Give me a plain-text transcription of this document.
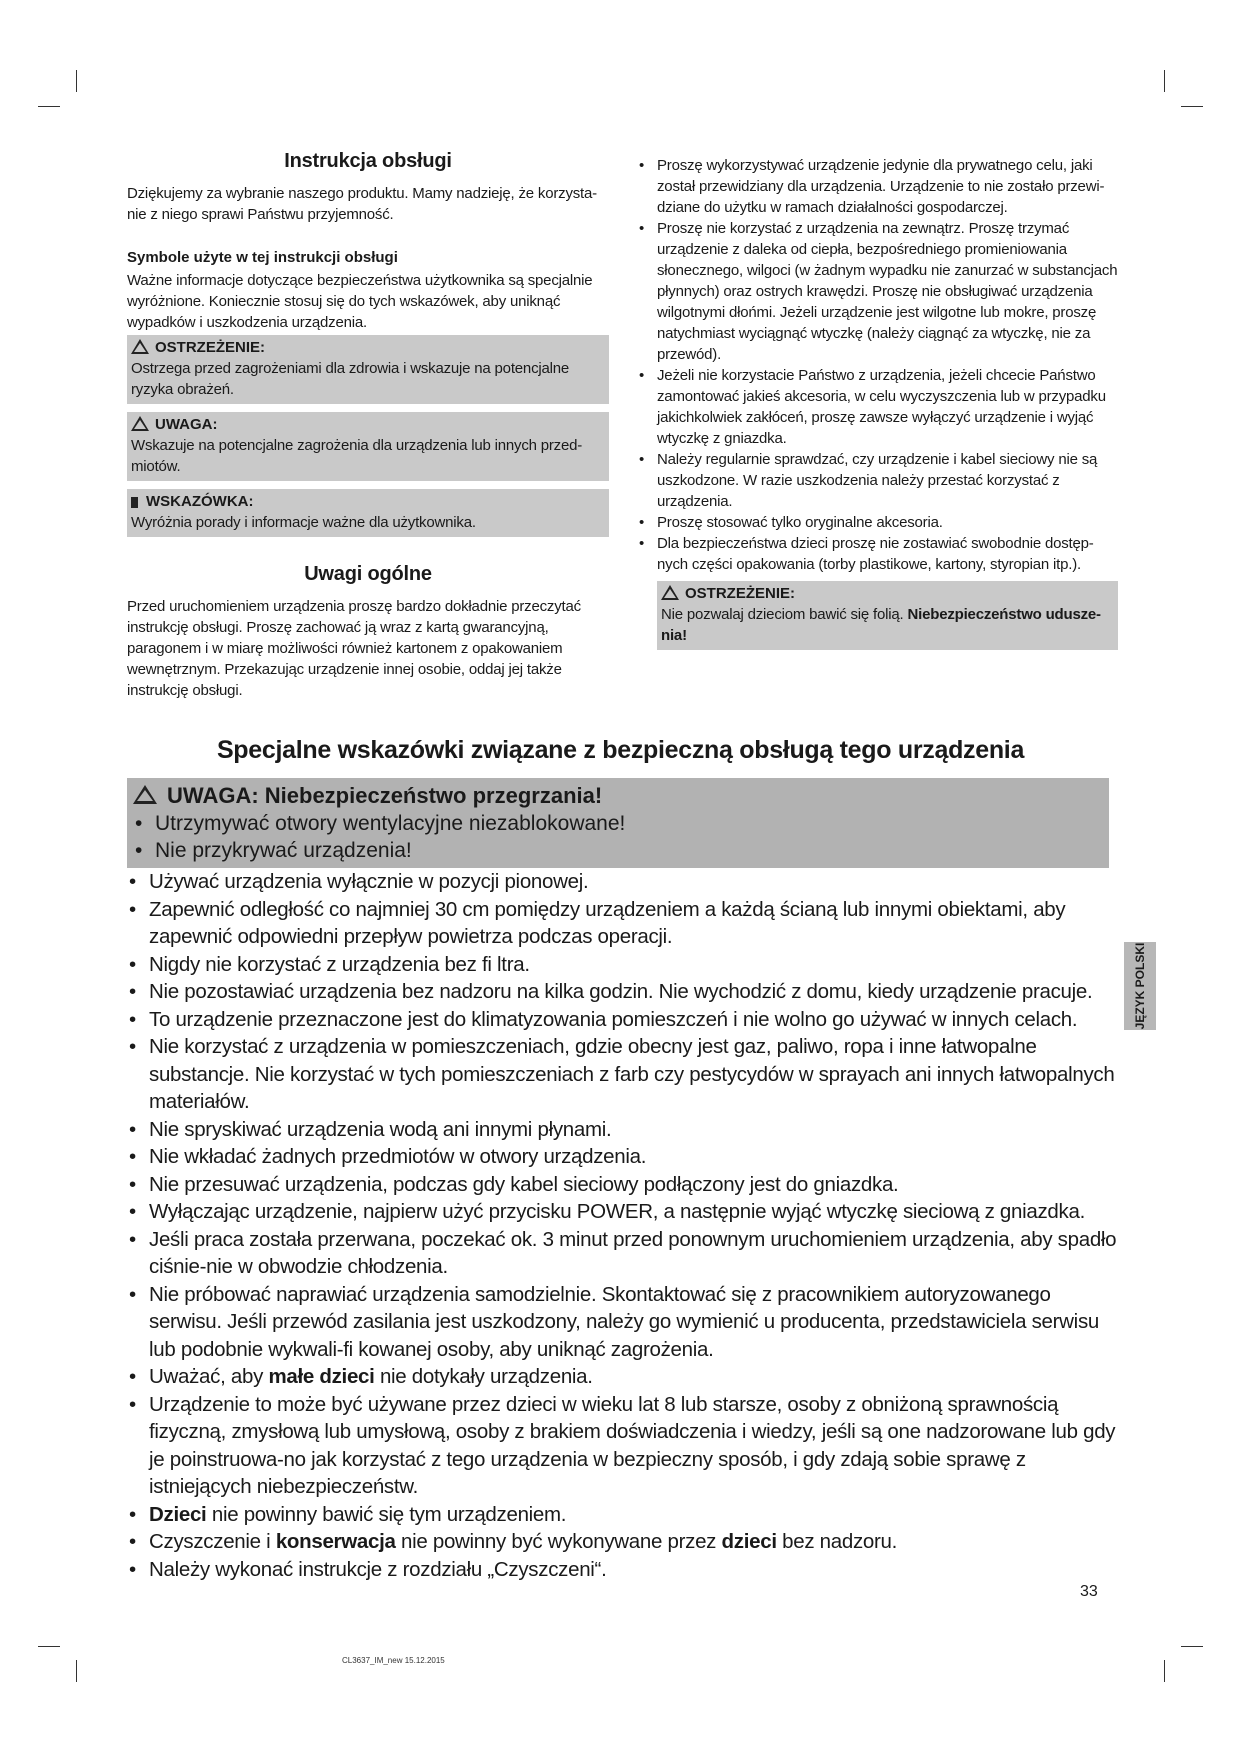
Instrukcja obsługi

Dziękujemy za wybranie naszego produktu. Mamy nadzieję, że korzysta-nie z niego sprawi Państwu przyjemność.

Symbole użyte w tej instrukcji obsługi

Ważne informacje dotyczące bezpieczeństwa użytkownika są specjalnie wyróżnione. Koniecznie stosuj się do tych wskazówek, aby uniknąć wypadków i uszkodzenia urządzenia.

OSTRZEŻENIE:
Ostrzega przed zagrożeniami dla zdrowia i wskazuje na potencjalne ryzyka obrażeń.
UWAGA:
Wskazuje na potencjalne zagrożenia dla urządzenia lub innych przed-miotów.
WSKAZÓWKA:
Wyróżnia porady i informacje ważne dla użytkownika.
Uwagi ogólne

Przed uruchomieniem urządzenia proszę bardzo dokładnie przeczytać instrukcję obsługi. Proszę zachować ją wraz z kartą gwarancyjną, paragonem i w miarę możliwości również kartonem z opakowaniem wewnętrznym. Przekazując urządzenie innej osobie, oddaj jej także instrukcję obsługi.

• Proszę wykorzystywać urządzenie jedynie dla prywatnego celu, jaki został przewidziany dla urządzenia. Urządzenie to nie zostało przewi-dziane do użytku w ramach działalności gospodarczej.
• Proszę nie korzystać z urządzenia na zewnątrz. Proszę trzymać urządzenie z daleka od ciepła, bezpośredniego promieniowania słonecznego, wilgoci (w żadnym wypadku nie zanurzać w substancjach płynnych) oraz ostrych krawędzi. Proszę nie obsługiwać urządzenia wilgotnymi dłońmi. Jeżeli urządzenie jest wilgotne lub mokre, proszę natychmiast wyciągnąć wtyczkę (należy ciągnąć za wtyczkę, nie za przewód).
• Jeżeli nie korzystacie Państwo z urządzenia, jeżeli chcecie Państwo zamontować jakieś akcesoria, w celu wyczyszczenia lub w przypadku jakichkolwiek zakłóceń, proszę zawsze wyłączyć urządzenie i wyjąć wtyczkę z gniazdka.
• Należy regularnie sprawdzać, czy urządzenie i kabel sieciowy nie są uszkodzone. W razie uszkodzenia należy przestać korzystać z urządzenia.
• Proszę stosować tylko oryginalne akcesoria.
• Dla bezpieczeństwa dzieci proszę nie zostawiać swobodnie dostęp-nych części opakowania (torby plastikowe, kartony, styropian itp.).
OSTRZEŻENIE:
Nie pozwalaj dzieciom bawić się folią. Niebezpieczeństwo udusze-nia!
Specjalne wskazówki związane z bezpieczną obsługą tego urządzenia
UWAGA: Niebezpieczeństwo przegrzania!
• Utrzymywać otwory wentylacyjne niezablokowane!
• Nie przykrywać urządzenia!
• Używać urządzenia wyłącznie w pozycji pionowej.
• Zapewnić odległość co najmniej 30 cm pomiędzy urządzeniem a każdą ścianą lub innymi obiektami, aby zapewnić odpowiedni przepływ powietrza podczas operacji.
• Nigdy nie korzystać z urządzenia bez fi ltra.
• Nie pozostawiać urządzenia bez nadzoru na kilka godzin. Nie wychodzić z domu, kiedy urządzenie pracuje.
• To urządzenie przeznaczone jest do klimatyzowania pomieszczeń i nie wolno go używać w innych celach.
• Nie korzystać z urządzenia w pomieszczeniach, gdzie obecny jest gaz, paliwo, ropa i inne łatwopalne substancje. Nie korzystać w tych pomieszczeniach z farb czy pestycydów w sprayach ani innych łatwopalnych materiałów.
• Nie spryskiwać urządzenia wodą ani innymi płynami.
• Nie wkładać żadnych przedmiotów w otwory urządzenia.
• Nie przesuwać urządzenia, podczas gdy kabel sieciowy podłączony jest do gniazdka.
• Wyłączając urządzenie, najpierw użyć przycisku POWER, a następnie wyjąć wtyczkę sieciową z gniazdka.
• Jeśli praca została przerwana, poczekać ok. 3 minut przed ponownym uruchomieniem urządzenia, aby spadło ciśnie-nie w obwodzie chłodzenia.
• Nie próbować naprawiać urządzenia samodzielnie. Skontaktować się z pracownikiem autoryzowanego serwisu. Jeśli przewód zasilania jest uszkodzony, należy go wymienić u producenta, przedstawiciela serwisu lub podobnie wykwali-fi kowanej osoby, aby uniknąć zagrożenia.
• Uważać, aby małe dzieci nie dotykały urządzenia.
• Urządzenie to może być używane przez dzieci w wieku lat 8 lub starsze, osoby z obniżoną sprawnością fizyczną, zmysłową lub umysłową, osoby z brakiem doświadczenia i wiedzy, jeśli są one nadzorowane lub gdy je poinstruowa-no jak korzystać z tego urządzenia w bezpieczny sposób, i gdy zdają sobie sprawę z istniejących niebezpieczeństw.
• Dzieci nie powinny bawić się tym urządzeniem.
• Czyszczenie i konserwacja nie powinny być wykonywane przez dzieci bez nadzoru.
• Należy wykonać instrukcje z rozdziału „Czyszczeni“.
JĘZYK POLSKI
33
CL3637_IM_new 15.12.2015
